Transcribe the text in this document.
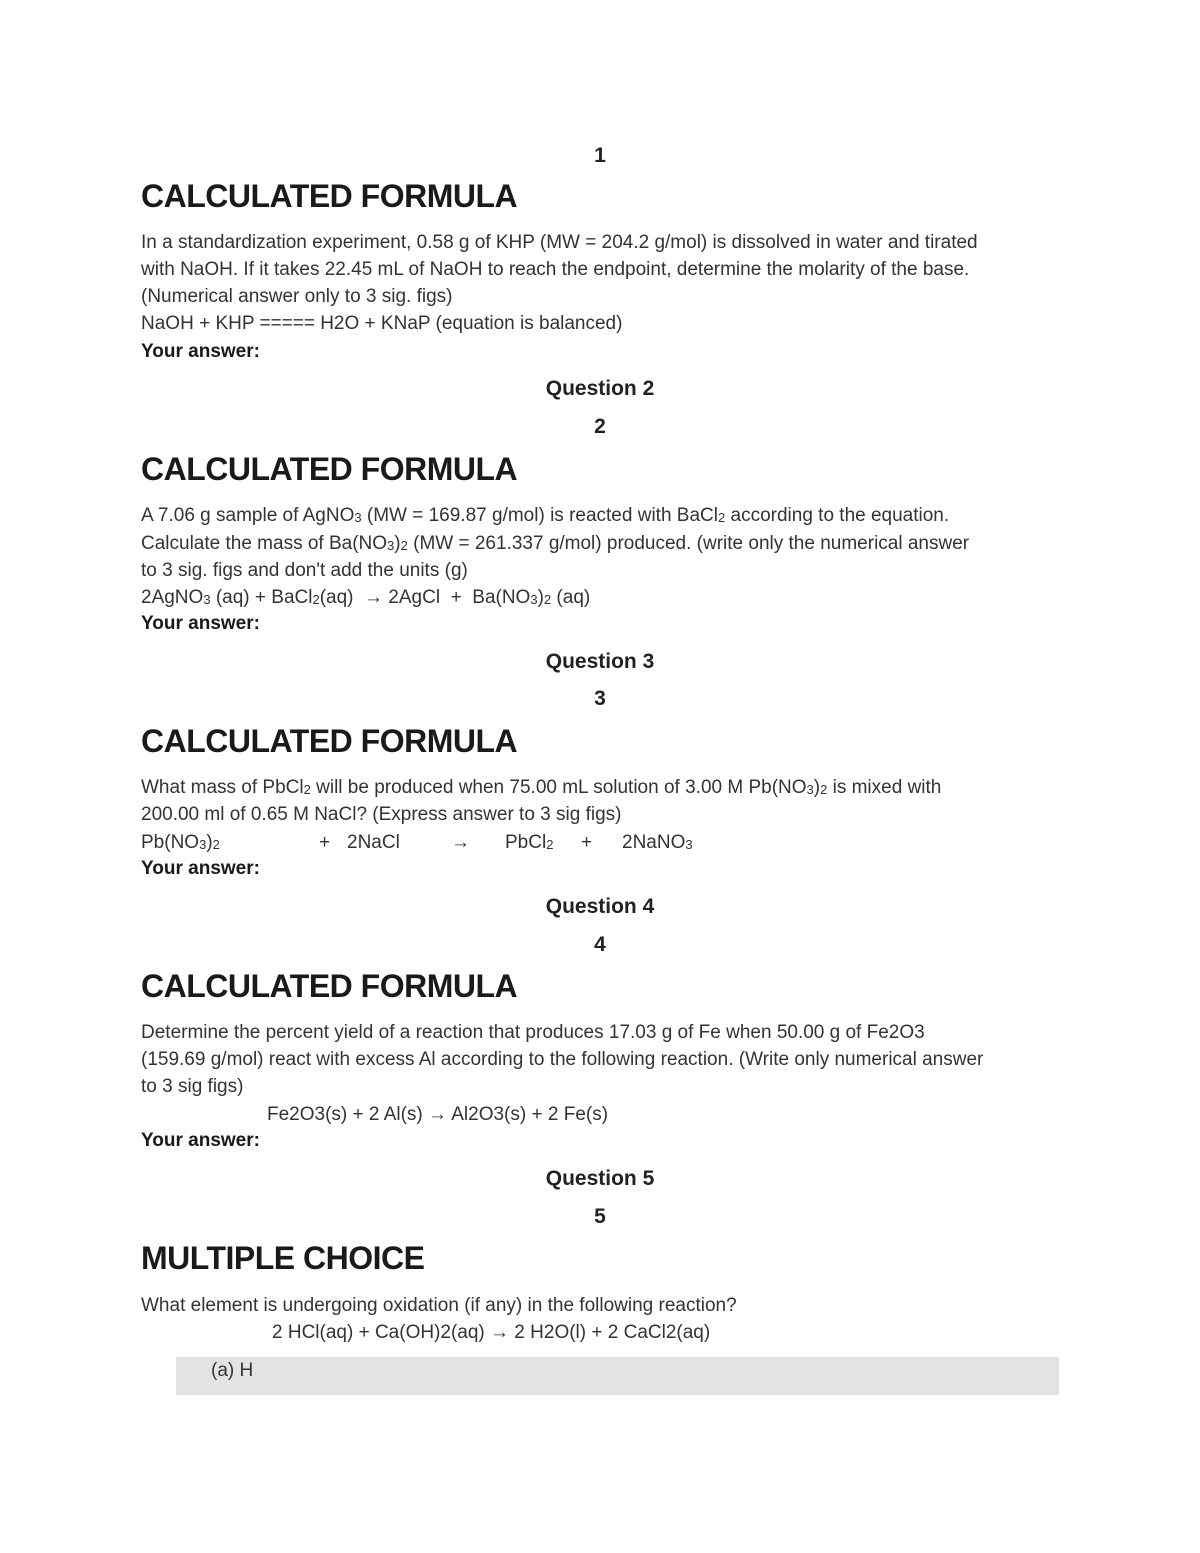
1
CALCULATED FORMULA
In a standardization experiment, 0.58 g of KHP (MW = 204.2 g/mol) is dissolved in water and tirated
with NaOH. If it takes 22.45 mL of NaOH to reach the endpoint, determine the molarity of the base.
(Numerical answer only to 3 sig. figs)
NaOH + KHP ===== H2O + KNaP (equation is balanced)
Your answer:
Question 2
2
CALCULATED FORMULA
A 7.06 g sample of AgNO$_3$ (MW = 169.87 g/mol) is reacted with BaCl$_2$ according to the equation.
Calculate the mass of $Ba(NO_3)_2$ (MW = 261.337 g/mol) produced. (write only the numerical answer
to 3 sig. figs and don't add the units (g)
2AgNO$_3$ (aq) + BaCl$_2$(aq)  → 2AgCl  +  $Ba(NO_3)_2$ (aq)
Your answer:
Question 3
3
CALCULATED FORMULA
What mass of PbCl$_2$ will be produced when 75.00 mL solution of 3.00 M $Pb(NO_3)_2$ is mixed with
200.00 ml of 0.65 M NaCl? (Express answer to 3 sig figs)
$Pb(NO_3)_2$	+ 2NaCl	→ PbCl$_2$ + 2NaNO$_3$
Your answer:
Question 4
4
CALCULATED FORMULA
Determine the percent yield of a reaction that produces 17.03 g of Fe when 50.00 g of Fe2O3
(159.69 g/mol) react with excess Al according to the following reaction. (Write only numerical answer
to 3 sig figs)
Fe2O3(s) + 2 Al(s) → Al2O3(s) + 2 Fe(s)
Your answer:
Question 5
5
MULTIPLE CHOICE
What element is undergoing oxidation (if any) in the following reaction?
2 HCl(aq) + Ca(OH)2(aq) → 2 H2O(l) + 2 CaCl2(aq)
(a) H
